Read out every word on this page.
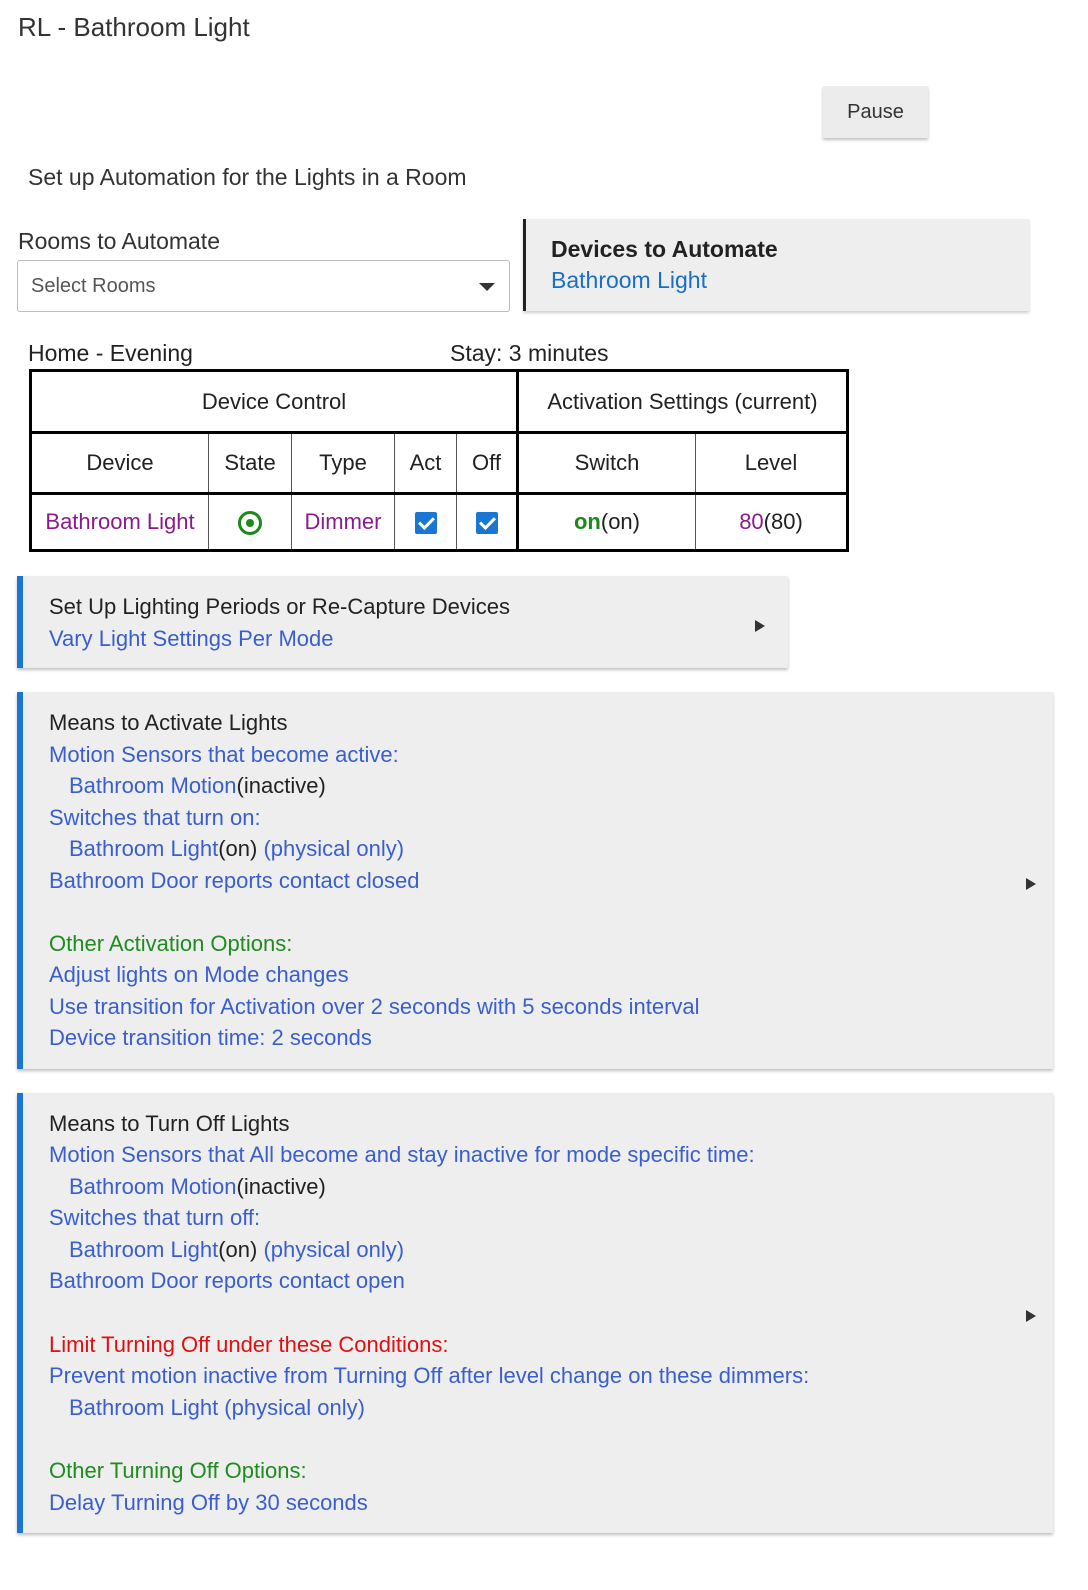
RL - Bathroom Light
Pause
Set up Automation for the Lights in a Room
Rooms to Automate
Select Rooms
Devices to Automate
Bathroom Light
Home - Evening	Stay: 3 minutes
Device Control					Activation Settings (current)	
Device	State	Type	Act	Off	Switch	Level
Bathroom Light		Dimmer			on(on)	80(80)
Set Up Lighting Periods or Re-Capture Devices
Vary Light Settings Per Mode
Means to Activate Lights
Motion Sensors that become active:
Bathroom Motion(inactive)
Switches that turn on:
Bathroom Light(on) (physical only)
Bathroom Door reports contact closed
Other Activation Options:
Adjust lights on Mode changes
Use transition for Activation over 2 seconds with 5 seconds interval
Device transition time: 2 seconds
Means to Turn Off Lights
Motion Sensors that All become and stay inactive for mode specific time:
Bathroom Motion(inactive)
Switches that turn off:
Bathroom Light(on) (physical only)
Bathroom Door reports contact open
Limit Turning Off under these Conditions:
Prevent motion inactive from Turning Off after level change on these dimmers:
Bathroom Light (physical only)
Other Turning Off Options:
Delay Turning Off by 30 seconds
